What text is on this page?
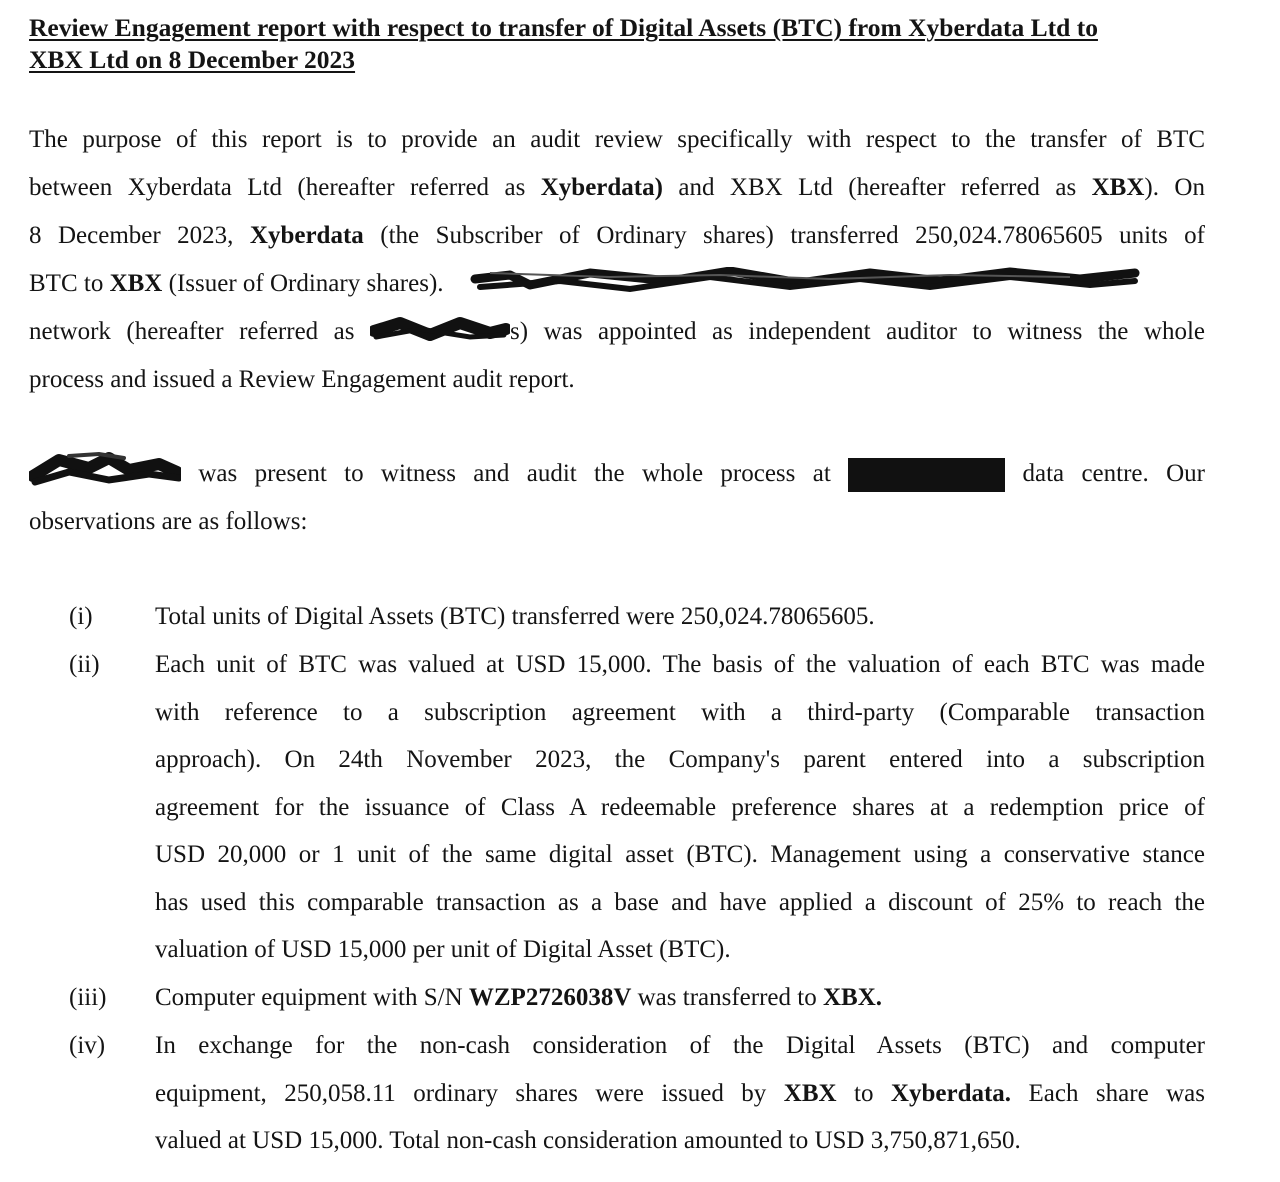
Review Engagement report with respect to transfer of Digital Assets (BTC) from Xyberdata Ltd to
XBX Ltd on 8 December 2023
The purpose of this report is to provide an audit review specifically with respect to the transfer of BTC
between Xyberdata Ltd (hereafter referred as Xyberdata) and XBX Ltd (hereafter referred as XBX). On
8 December 2023, Xyberdata (the Subscriber of Ordinary shares) transferred 250,024.78065605 units of
BTC to XBX (Issuer of Ordinary shares).
network (hereafter referred as	s) was appointed as independent auditor to witness the whole
process and issued a Review Engagement audit report.
was present to witness and audit the whole process at	data centre. Our
observations are as follows:
(i) Total units of Digital Assets (BTC) transferred were 250,024.78065605.
(ii) Each unit of BTC was valued at USD 15,000. The basis of the valuation of each BTC was made
with reference to a subscription agreement with a third-party (Comparable transaction
approach). On 24th November 2023, the Company's parent entered into a subscription
agreement for the issuance of Class A redeemable preference shares at a redemption price of
USD 20,000 or 1 unit of the same digital asset (BTC). Management using a conservative stance
has used this comparable transaction as a base and have applied a discount of 25% to reach the
valuation of USD 15,000 per unit of Digital Asset (BTC).
(iii) Computer equipment with S/N WZP2726038V was transferred to XBX.
(iv) In exchange for the non-cash consideration of the Digital Assets (BTC) and computer
equipment, 250,058.11 ordinary shares were issued by XBX to Xyberdata. Each share was
valued at USD 15,000. Total non-cash consideration amounted to USD 3,750,871,650.
